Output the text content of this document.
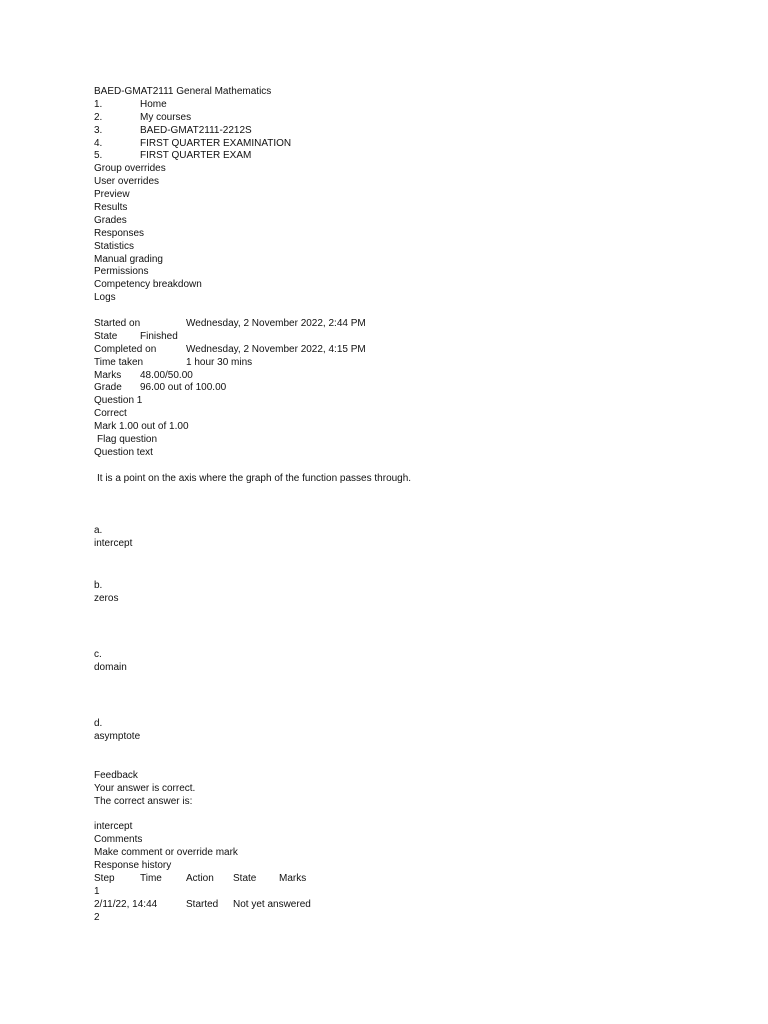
BAED-GMAT2111 General Mathematics
1.	Home
2.	My courses
3.	BAED-GMAT2111-2212S
4.	FIRST QUARTER EXAMINATION
5.	FIRST QUARTER EXAM
Group overrides
User overrides
Preview
Results
Grades
Responses
Statistics
Manual grading
Permissions
Competency breakdown
Logs
Started on	Wednesday, 2 November 2022, 2:44 PM
State Finished
Completed on	Wednesday, 2 November 2022, 4:15 PM
Time taken	1 hour 30 mins
Marks 48.00/50.00
Grade 96.00 out of 100.00
Question 1
Correct
Mark 1.00 out of 1.00
Flag question
Question text
It is a point on the axis where the graph of the function passes through.
a.
intercept
b.
zeros
c.
domain
d.
asymptote
Feedback
Your answer is correct.
The correct answer is:
intercept
Comments
Make comment or override mark
Response history
Step	Time Action State Marks
1
2/11/22, 14:44	Started Not yet answered
2
